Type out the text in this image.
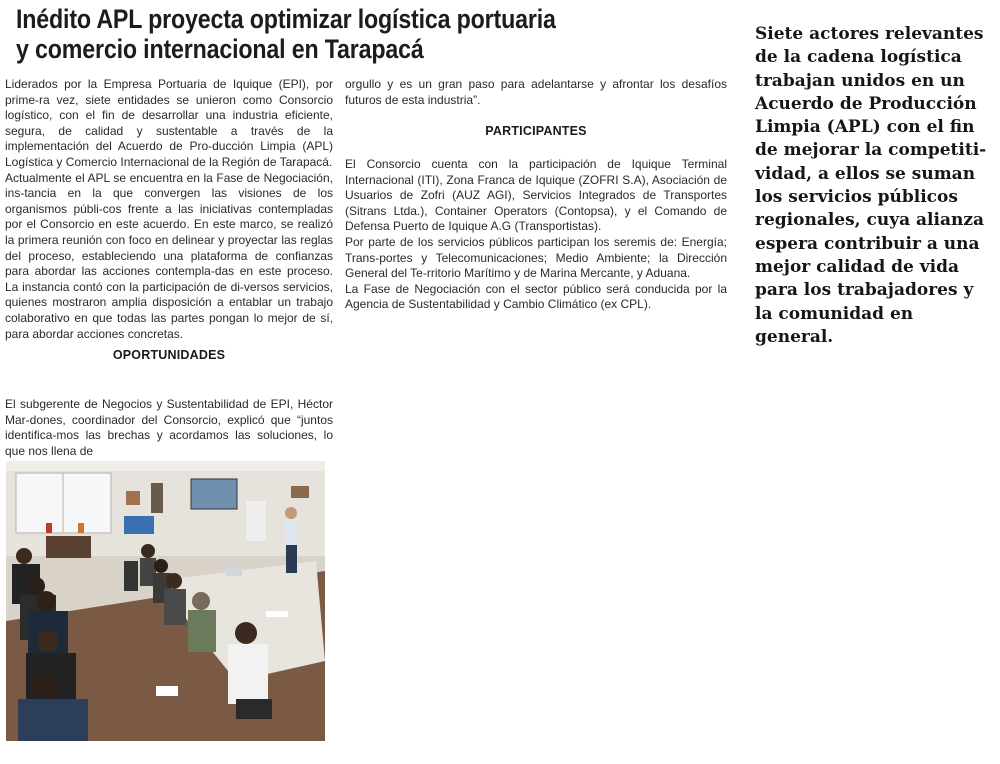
Inédito APL proyecta optimizar logística portuaria
y comercio internacional en Tarapacá

Liderados por la Empresa Portuaria de Iquique (EPI), por prime-ra vez, siete entidades se unieron como Consorcio logístico, con el fin de desarrollar una industria eficiente, segura, de calidad y sustentable a través de la implementación del Acuerdo de Pro-ducción Limpia (APL) Logística y Comercio Internacional de la Región de Tarapacá.

Actualmente el APL se encuentra en la Fase de Negociación, ins-tancia en la que convergen las visiones de los organismos públi-cos frente a las iniciativas contempladas por el Consorcio en este acuerdo. En este marco, se realizó la primera reunión con foco en delinear y proyectar las reglas del proceso, estableciendo una plataforma de confianzas para abordar las acciones contempla-das en este proceso. La instancia contó con la participación de di-versos servicios, quienes mostraron amplia disposición a entablar un trabajo colaborativo en que todas las partes pongan lo mejor de sí, para abordar acciones concretas.

OPORTUNIDADES

El subgerente de Negocios y Sustentabilidad de EPI, Héctor Mar-dones, coordinador del Consorcio, explicó que “juntos identifica-mos las brechas y acordamos las soluciones, lo que nos llena de

orgullo y es un gran paso para adelantarse y afrontar los desafíos futuros de esta industria”.

PARTICIPANTES

El Consorcio cuenta con la participación de Iquique Terminal Internacional (ITI), Zona Franca de Iquique (ZOFRI S.A), Asociación de Usuarios de Zofri (AUZ AGI), Servicios Integrados de Transportes (Sitrans Ltda.), Container Operators (Contopsa), y el Comando de Defensa Puerto de Iquique A.G (Transportistas).

Por parte de los servicios públicos participan los seremis de: Energía; Trans-portes y Telecomunicaciones; Medio Ambiente; la Dirección General del Te-rritorio Marítimo y de Marina Mercante, y Aduana.

La Fase de Negociación con el sector público será conducida por la Agencia de Sustentabilidad y Cambio Climático (ex CPL).

Siete actores relevantes de la cadena logística trabajan unidos en un Acuerdo de Producción Limpia (APL) con el fin de mejorar la competiti-vidad, a ellos se suman los servicios públicos regionales, cuya alianza espera contribuir a una mejor calidad de vida para los trabajadores y la comunidad en general.
